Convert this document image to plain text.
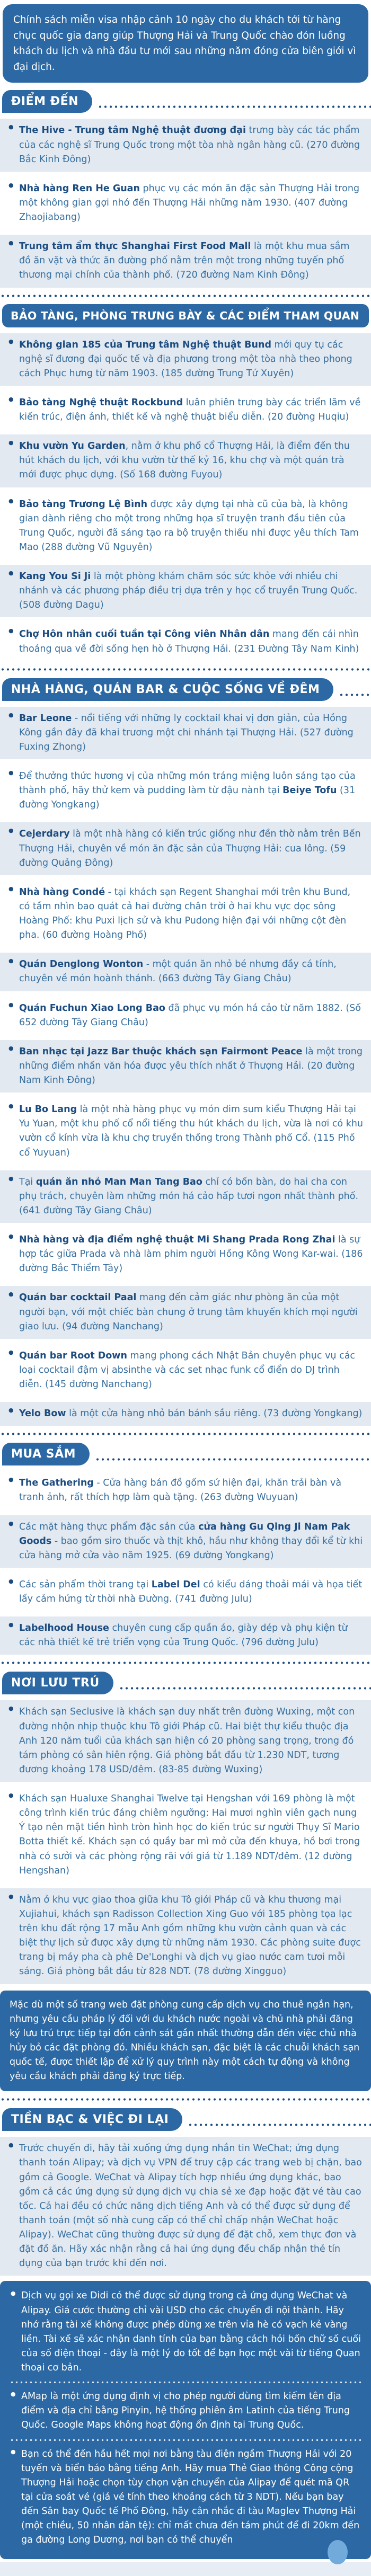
Chính sách miễn visa nhập cảnh 10 ngày cho du khách tới từ hàng chục quốc gia đang giúp Thượng Hải và Trung Quốc chào đón luồng khách du lịch và nhà đầu tư mới sau những năm đóng cửa biên giới vì đại dịch.

ĐIỂM ĐẾN
● The Hive - Trung tâm Nghệ thuật đương đại trưng bày các tác phẩm của các nghệ sĩ Trung Quốc trong một tòa nhà ngân hàng cũ. (270 đường Bắc Kinh Đông)

● Nhà hàng Ren He Guan phục vụ các món ăn đặc sản Thượng Hải trong một không gian gợi nhớ đến Thượng Hải những năm 1930. (407 đường Zhaojiabang)

● Trung tâm ẩm thực Shanghai First Food Mall là một khu mua sắm đồ ăn vặt và thức ăn đường phố nằm trên một trong những tuyến phố thương mại chính của thành phố. (720 đường Nam Kinh Đông)

BẢO TÀNG, PHÒNG TRƯNG BÀY & CÁC ĐIỂM THAM QUAN
● Không gian 185 của Trung tâm Nghệ thuật Bund mới quy tụ các nghệ sĩ đương đại quốc tế và địa phương trong một tòa nhà theo phong cách Phục hưng từ năm 1903. (185 đường Trung Tứ Xuyên)

● Bảo tàng Nghệ thuật Rockbund luân phiên trưng bày các triển lãm về kiến trúc, điện ảnh, thiết kế và nghệ thuật biểu diễn. (20 đường Huqiu)

● Khu vườn Yu Garden, nằm ở khu phố cổ Thượng Hải, là điểm đến thu hút khách du lịch, với khu vườn từ thế kỷ 16, khu chợ và một quán trà mới được phục dựng. (Số 168 đường Fuyou)

● Bảo tàng Trương Lệ Bình được xây dựng tại nhà cũ của bà, là không gian dành riêng cho một trong những họa sĩ truyện tranh đầu tiên của Trung Quốc, người đã sáng tạo ra bộ truyện thiếu nhi được yêu thích Tam Mao (288 đường Vũ Nguyên)

● Kang You Si Ji là một phòng khám chăm sóc sức khỏe với nhiều chi nhánh và các phương pháp điều trị dựa trên y học cổ truyền Trung Quốc. (508 đường Dagu)

● Chợ Hôn nhân cuối tuần tại Công viên Nhân dân mang đến cái nhìn thoáng qua về đời sống hẹn hò ở Thượng Hải. (231 Đường Tây Nam Kinh)

NHÀ HÀNG, QUÁN BAR & CUỘC SỐNG VỀ ĐÊM
● Bar Leone - nổi tiếng với những ly cocktail khai vị đơn giản, của Hồng Kông gần đây đã khai trương một chi nhánh tại Thượng Hải. (527 đường Fuxing Zhong)

● Để thưởng thức hương vị của những món tráng miệng luôn sáng tạo của thành phố, hãy thử kem và pudding làm từ đậu nành tại Beiye Tofu (31 đường Yongkang)

● Cejerdary là một nhà hàng có kiến trúc giống như đền thờ nằm trên Bến Thượng Hải, chuyên về món ăn đặc sản của Thượng Hải: cua lông. (59 đường Quảng Đông)

● Nhà hàng Condé - tại khách sạn Regent Shanghai mới trên khu Bund, có tầm nhìn bao quát cả hai đường chân trời ở hai khu vực dọc sông Hoàng Phố: khu Puxi lịch sử và khu Pudong hiện đại với những cột đèn pha. (60 đường Hoàng Phố)

● Quán Denglong Wonton - một quán ăn nhỏ bé nhưng đầy cá tính, chuyên về món hoành thánh. (663 đường Tây Giang Châu)

● Quán Fuchun Xiao Long Bao đã phục vụ món há cảo từ năm 1882. (Số 652 đường Tây Giang Châu)

● Ban nhạc tại Jazz Bar thuộc khách sạn Fairmont Peace là một trong những điểm nhấn văn hóa được yêu thích nhất ở Thượng Hải. (20 đường Nam Kinh Đông)

● Lu Bo Lang là một nhà hàng phục vụ món dim sum kiểu Thượng Hải tại Yu Yuan, một khu phố cổ nổi tiếng thu hút khách du lịch, vừa là nơi có khu vườn cổ kính vừa là khu chợ truyền thống trong Thành phố Cổ. (115 Phố cổ Yuyuan)

● Tại quán ăn nhỏ Man Man Tang Bao chỉ có bốn bàn, do hai cha con phụ trách, chuyên làm những món há cảo hấp tươi ngon nhất thành phố. (641 đường Tây Giang Châu)

● Nhà hàng và địa điểm nghệ thuật Mi Shang Prada Rong Zhai là sự hợp tác giữa Prada và nhà làm phim người Hồng Kông Wong Kar-wai. (186 đường Bắc Thiểm Tây)

● Quán bar cocktail Paal mang đến cảm giác như phòng ăn của một người bạn, với một chiếc bàn chung ở trung tâm khuyến khích mọi người giao lưu. (94 đường Nanchang)

● Quán bar Root Down mang phong cách Nhật Bản chuyên phục vụ các loại cocktail đậm vị absinthe và các set nhạc funk cổ điển do DJ trình diễn. (145 đường Nanchang)

● Yelo Bow là một cửa hàng nhỏ bán bánh sầu riêng. (73 đường Yongkang)

MUA SẮM
● The Gathering - Cửa hàng bán đồ gốm sứ hiện đại, khăn trải bàn và tranh ảnh, rất thích hợp làm quà tặng. (263 đường Wuyuan)

● Các mặt hàng thực phẩm đặc sản của cửa hàng Gu Qing Ji Nam Pak Goods - bao gồm siro thuốc và thịt khô, hầu như không thay đổi kể từ khi cửa hàng mở cửa vào năm 1925. (69 đường Yongkang)

● Các sản phẩm thời trang tại Label Del có kiểu dáng thoải mái và họa tiết lấy cảm hứng từ thời nhà Đường. (741 đường Julu)

● Labelhood House chuyên cung cấp quần áo, giày dép và phụ kiện từ các nhà thiết kế trẻ triển vọng của Trung Quốc. (796 đường Julu)

NƠI LƯU TRÚ
● Khách sạn Seclusive là khách sạn duy nhất trên đường Wuxing, một con đường nhộn nhịp thuộc khu Tô giới Pháp cũ. Hai biệt thự kiểu thuộc địa Anh 120 năm tuổi của khách sạn hiện có 20 phòng sang trọng, trong đó tám phòng có sân hiên rộng. Giá phòng bắt đầu từ 1.230 NDT, tương đương khoảng 178 USD/đêm. (83-85 đường Wuxing)

● Khách sạn Hualuxe Shanghai Twelve tại Hengshan với 169 phòng là một công trình kiến trúc đáng chiêm ngưỡng: Hai mươi nghìn viên gạch nung Ý tạo nên mặt tiền hình tròn hình học do kiến trúc sư người Thụy Sĩ Mario Botta thiết kế. Khách sạn có quầy bar mì mở cửa đến khuya, hồ bơi trong nhà có sưởi và các phòng rộng rãi với giá từ 1.189 NDT/đêm. (12 đường Hengshan)

● Nằm ở khu vực giao thoa giữa khu Tô giới Pháp cũ và khu thương mại Xujiahui, khách sạn Radisson Collection Xing Guo với 185 phòng tọa lạc trên khu đất rộng 17 mẫu Anh gồm những khu vườn cảnh quan và các biệt thự lịch sử được xây dựng từ những năm 1930. Các phòng suite được trang bị máy pha cà phê De'Longhi và dịch vụ giao nước cam tươi mỗi sáng. Giá phòng bắt đầu từ 828 NDT. (78 đường Xingguo)

Mặc dù một số trang web đặt phòng cung cấp dịch vụ cho thuê ngắn hạn, nhưng yêu cầu pháp lý đối với du khách nước ngoài và chủ nhà phải đăng ký lưu trú trực tiếp tại đồn cảnh sát gần nhất thường dẫn đến việc chủ nhà hủy bỏ các đặt phòng đó. Nhiều khách sạn, đặc biệt là các chuỗi khách sạn quốc tế, được thiết lập để xử lý quy trình này một cách tự động và không yêu cầu khách phải đăng ký trực tiếp.

TIỀN BẠC & VIỆC ĐI LẠI
● Trước chuyến đi, hãy tải xuống ứng dụng nhắn tin WeChat; ứng dụng thanh toán Alipay; và dịch vụ VPN để truy cập các trang web bị chặn, bao gồm cả Google. WeChat và Alipay tích hợp nhiều ứng dụng khác, bao gồm cả các ứng dụng sử dụng dịch vụ chia sẻ xe đạp hoặc đặt vé tàu cao tốc. Cả hai đều có chức năng dịch tiếng Anh và có thể được sử dụng để thanh toán (một số nhà cung cấp có thể chỉ chấp nhận WeChat hoặc Alipay). WeChat cũng thường được sử dụng để đặt chỗ, xem thực đơn và đặt đồ ăn. Hãy xác nhận rằng cả hai ứng dụng đều chấp nhận thẻ tín dụng của bạn trước khi đến nơi.

● Dịch vụ gọi xe Didi có thể được sử dụng trong cả ứng dụng WeChat và Alipay. Giá cước thường chỉ vài USD cho các chuyến đi nội thành. Hãy nhớ rằng tài xế không được phép dừng xe trên vỉa hè có vạch kẻ vàng liền. Tài xế sẽ xác nhận danh tính của bạn bằng cách hỏi bốn chữ số cuối của số điện thoại - đây là một lý do tốt để bạn học một vài từ tiếng Quan thoại cơ bản.

● AMap là một ứng dụng định vị cho phép người dùng tìm kiếm tên địa điểm và địa chỉ bằng Pinyin, hệ thống phiên âm Latinh của tiếng Trung Quốc. Google Maps không hoạt động ổn định tại Trung Quốc.

● Bạn có thể đến hầu hết mọi nơi bằng tàu điện ngầm Thượng Hải với 20 tuyến và biển báo bằng tiếng Anh. Hãy mua Thẻ Giao thông Công cộng Thượng Hải hoặc chọn tùy chọn vận chuyển của Alipay để quét mã QR tại cửa soát vé (giá vé tính theo khoảng cách từ 3 NDT). Nếu bạn bay đến Sân bay Quốc tế Phố Đông, hãy cân nhắc đi tàu Maglev Thượng Hải (một chiều, 50 nhân dân tệ): chỉ mất chưa đến tám phút để đi 20km đến ga đường Long Dương, nơi bạn có thể chuyển
